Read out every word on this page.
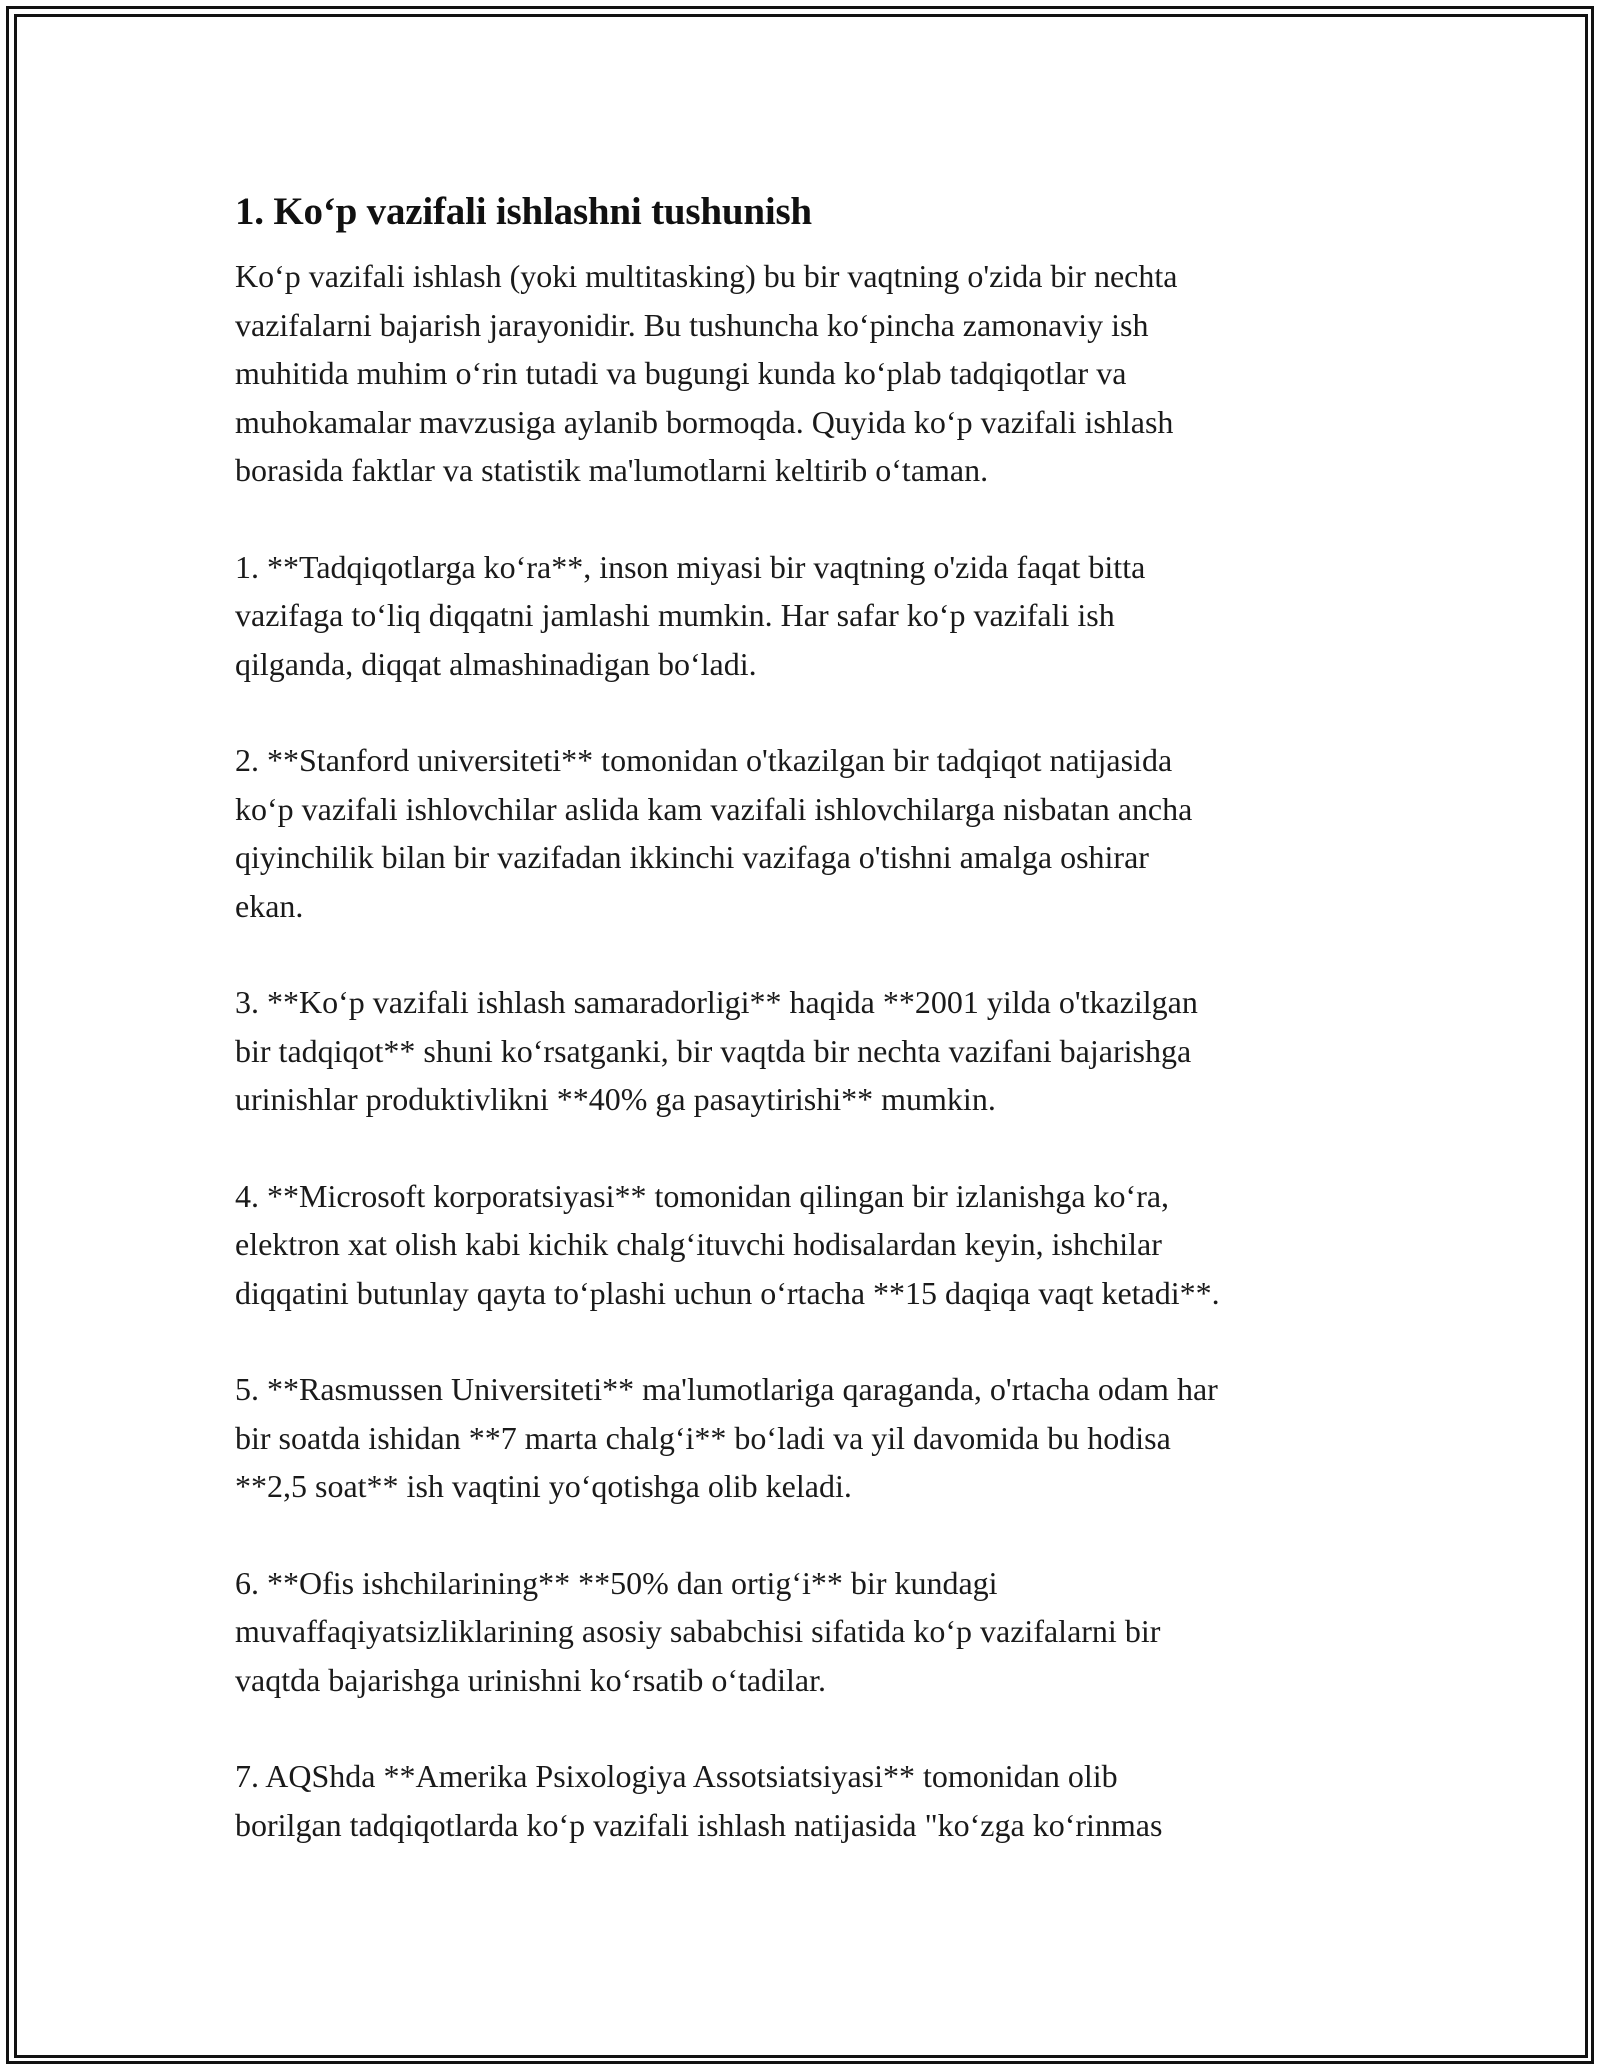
1. Koʻp vazifali ishlashni tushunish

Koʻp vazifali ishlash (yoki multitasking) bu bir vaqtning o'zida bir nechta
vazifalarni bajarish jarayonidir. Bu tushuncha koʻpincha zamonaviy ish
muhitida muhim oʻrin tutadi va bugungi kunda koʻplab tadqiqotlar va
muhokamalar mavzusiga aylanib bormoqda. Quyida koʻp vazifali ishlash
borasida faktlar va statistik ma'lumotlarni keltirib oʻtaman.

1. **Tadqiqotlarga koʻra**, inson miyasi bir vaqtning o'zida faqat bitta
vazifaga toʻliq diqqatni jamlashi mumkin. Har safar koʻp vazifali ish
qilganda, diqqat almashinadigan boʻladi.

2. **Stanford universiteti** tomonidan o'tkazilgan bir tadqiqot natijasida
koʻp vazifali ishlovchilar aslida kam vazifali ishlovchilarga nisbatan ancha
qiyinchilik bilan bir vazifadan ikkinchi vazifaga o'tishni amalga oshirar
ekan.

3. **Koʻp vazifali ishlash samaradorligi** haqida **2001 yilda o'tkazilgan
bir tadqiqot** shuni koʻrsatganki, bir vaqtda bir nechta vazifani bajarishga
urinishlar produktivlikni **40% ga pasaytirishi** mumkin.

4. **Microsoft korporatsiyasi** tomonidan qilingan bir izlanishga koʻra,
elektron xat olish kabi kichik chalgʻituvchi hodisalardan keyin, ishchilar
diqqatini butunlay qayta toʻplashi uchun oʻrtacha **15 daqiqa vaqt ketadi**.

5. **Rasmussen Universiteti** ma'lumotlariga qaraganda, o'rtacha odam har
bir soatda ishidan **7 marta chalgʻi** boʻladi va yil davomida bu hodisa
**2,5 soat** ish vaqtini yoʻqotishga olib keladi.

6. **Ofis ishchilarining** **50% dan ortigʻi** bir kundagi
muvaffaqiyatsizliklarining asosiy sababchisi sifatida koʻp vazifalarni bir
vaqtda bajarishga urinishni koʻrsatib oʻtadilar.

7. AQShda **Amerika Psixologiya Assotsiatsiyasi** tomonidan olib
borilgan tadqiqotlarda koʻp vazifali ishlash natijasida "koʻzga koʻrinmas
